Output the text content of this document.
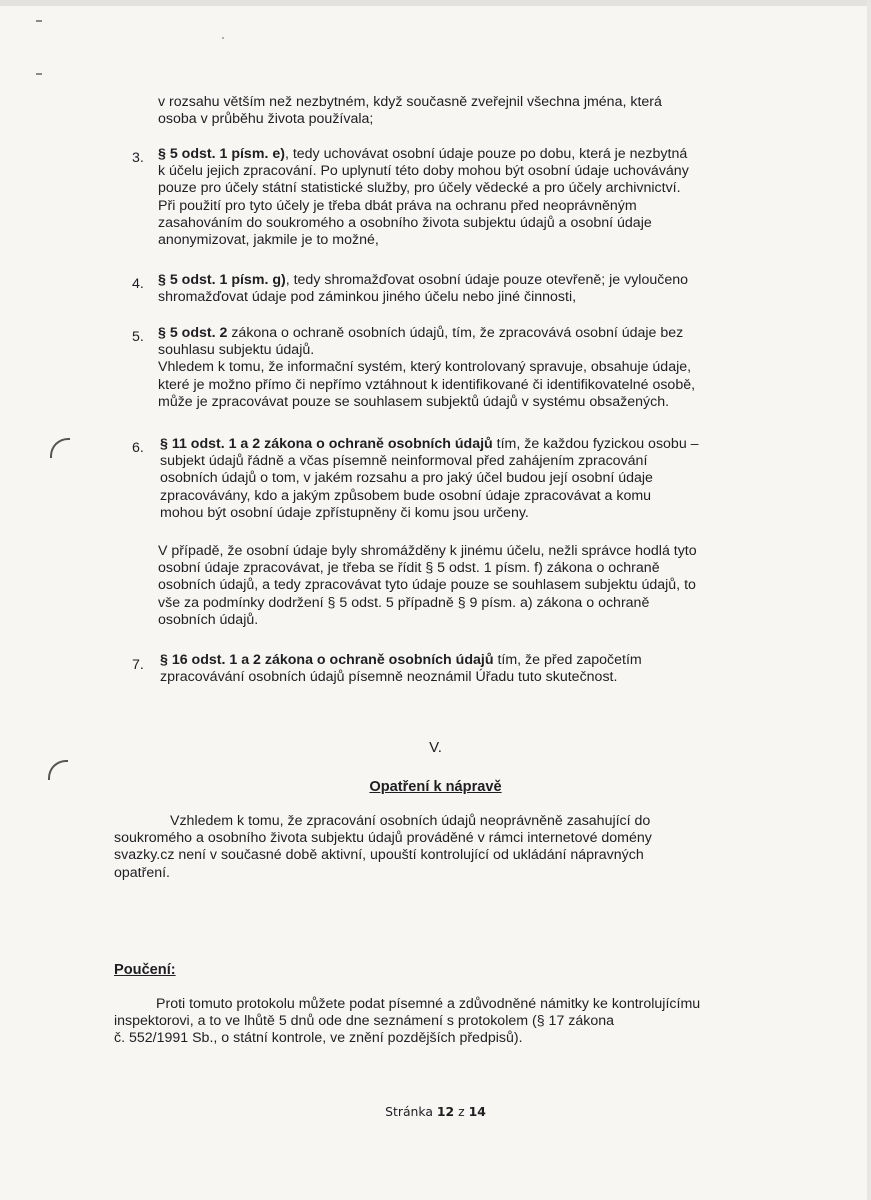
v rozsahu větším než nezbytném, když současně zveřejnil všechna jména, která
osoba v průběhu života používala;

3. § 5 odst. 1 písm. e), tedy uchovávat osobní údaje pouze po dobu, která je nezbytná
k účelu jejich zpracování. Po uplynutí této doby mohou být osobní údaje uchovávány
pouze pro účely státní statistické služby, pro účely vědecké a pro účely archivnictví.
Při použití pro tyto účely je třeba dbát práva na ochranu před neoprávněným
zasahováním do soukromého a osobního života subjektu údajů a osobní údaje
anonymizovat, jakmile je to možné,

4. § 5 odst. 1 písm. g), tedy shromažďovat osobní údaje pouze otevřeně; je vyloučeno
shromažďovat údaje pod záminkou jiného účelu nebo jiné činnosti,

5. § 5 odst. 2 zákona o ochraně osobních údajů, tím, že zpracovává osobní údaje bez
souhlasu subjektu údajů.
Vhledem k tomu, že informační systém, který kontrolovaný spravuje, obsahuje údaje,
které je možno přímo či nepřímo vztáhnout k identifikované či identifikovatelné osobě,
může je zpracovávat pouze se souhlasem subjektů údajů v systému obsažených.

6. § 11 odst. 1 a 2 zákona o ochraně osobních údajů tím, že každou fyzickou osobu –
subjekt údajů řádně a včas písemně neinformoval před zahájením zpracování
osobních údajů o tom, v jakém rozsahu a pro jaký účel budou její osobní údaje
zpracovávány, kdo a jakým způsobem bude osobní údaje zpracovávat a komu
mohou být osobní údaje zpřístupněny či komu jsou určeny.

V případě, že osobní údaje byly shromážděny k jinému účelu, nežli správce hodlá tyto
osobní údaje zpracovávat, je třeba se řídit § 5 odst. 1 písm. f) zákona o ochraně
osobních údajů, a tedy zpracovávat tyto údaje pouze se souhlasem subjektu údajů, to
vše za podmínky dodržení § 5 odst. 5 případně § 9 písm. a) zákona o ochraně
osobních údajů.

7. § 16 odst. 1 a 2 zákona o ochraně osobních údajů tím, že před započetím
zpracovávání osobních údajů písemně neoznámil Úřadu tuto skutečnost.

V.
Opatření k nápravě

Vzhledem k tomu, že zpracování osobních údajů neoprávněně zasahující do
soukromého a osobního života subjektu údajů prováděné v rámci internetové domény
svazky.cz není v současné době aktivní, upouští kontrolující od ukládání nápravných
opatření.

Poučení:

Proti tomuto protokolu můžete podat písemné a zdůvodněné námitky ke kontrolujícímu
inspektorovi, a to ve lhůtě 5 dnů ode dne seznámení s protokolem (§ 17 zákona
č. 552/1991 Sb., o státní kontrole, ve znění pozdějších předpisů).

Stránka 12 z 14
